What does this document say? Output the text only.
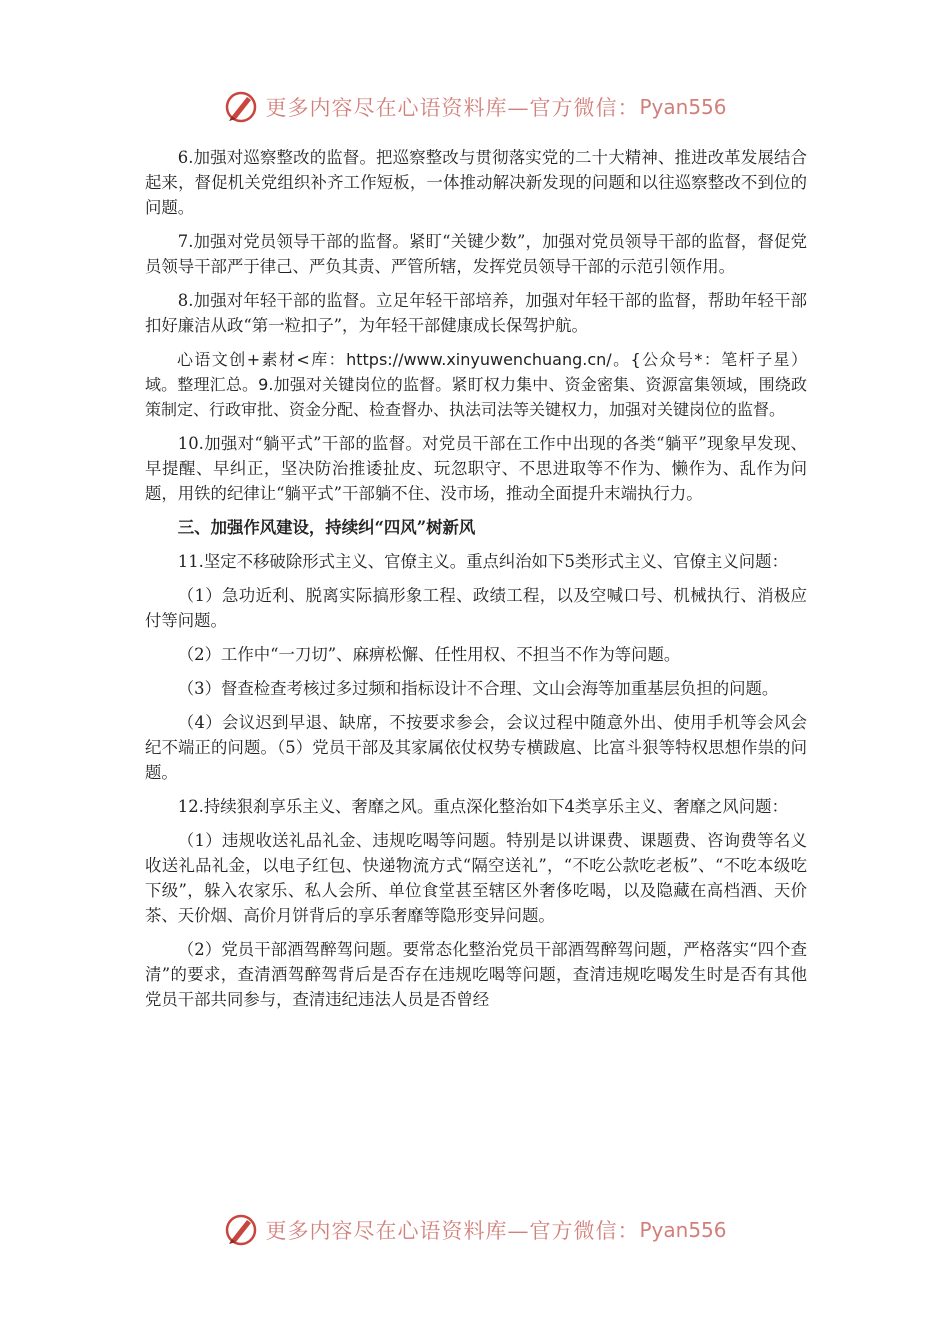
更多内容尽在心语资料库—官方微信： Pyan556

6.加强对巡察整改的监督。把巡察整改与贯彻落实党的二十大精神、推进改革发展结合起来，督促机关党组织补齐工作短板，一体推动解决新发现的问题和以往巡察整改不到位的问题。

7.加强对党员领导干部的监督。紧盯“关键少数”，加强对党员领导干部的监督，督促党员领导干部严于律己、严负其责、严管所辖，发挥党员领导干部的示范引领作用。

8.加强对年轻干部的监督。立足年轻干部培养，加强对年轻干部的监督，帮助年轻干部扣好廉洁从政“第一粒扣子”，为年轻干部健康成长保驾护航。

心语文创+素材<库：https://www.xinyuwenchuang.cn/。{公众号*：笔杆子星）域。整理汇总。9.加强对关键岗位的监督。紧盯权力集中、资金密集、资源富集领域，围绕政策制定、行政审批、资金分配、检查督办、执法司法等关键权力，加强对关键岗位的监督。

10.加强对“躺平式”干部的监督。对党员干部在工作中出现的各类“躺平”现象早发现、早提醒、早纠正，坚决防治推诿扯皮、玩忽职守、不思进取等不作为、懒作为、乱作为问题，用铁的纪律让“躺平式”干部躺不住、没市场，推动全面提升末端执行力。

三、加强作风建设，持续纠“四风”树新风

11.坚定不移破除形式主义、官僚主义。重点纠治如下5类形式主义、官僚主义问题：

（1）急功近利、脱离实际搞形象工程、政绩工程，以及空喊口号、机械执行、消极应付等问题。

（2）工作中“一刀切”、麻痹松懈、任性用权、不担当不作为等问题。

（3）督查检查考核过多过频和指标设计不合理、文山会海等加重基层负担的问题。

（4）会议迟到早退、缺席，不按要求参会，会议过程中随意外出、使用手机等会风会纪不端正的问题。（5）党员干部及其家属依仗权势专横跋扈、比富斗狠等特权思想作祟的问题。

12.持续狠刹享乐主义、奢靡之风。重点深化整治如下4类享乐主义、奢靡之风问题：

（1）违规收送礼品礼金、违规吃喝等问题。特别是以讲课费、课题费、咨询费等名义收送礼品礼金，以电子红包、快递物流方式“隔空送礼”，“不吃公款吃老板”、“不吃本级吃下级”，躲入农家乐、私人会所、单位食堂甚至辖区外奢侈吃喝，以及隐藏在高档酒、天价茶、天价烟、高价月饼背后的享乐奢靡等隐形变异问题。

（2）党员干部酒驾醉驾问题。要常态化整治党员干部酒驾醉驾问题，严格落实“四个查清”的要求，查清酒驾醉驾背后是否存在违规吃喝等问题，查清违规吃喝发生时是否有其他党员干部共同参与，查清违纪违法人员是否曾经

更多内容尽在心语资料库—官方微信： Pyan556
